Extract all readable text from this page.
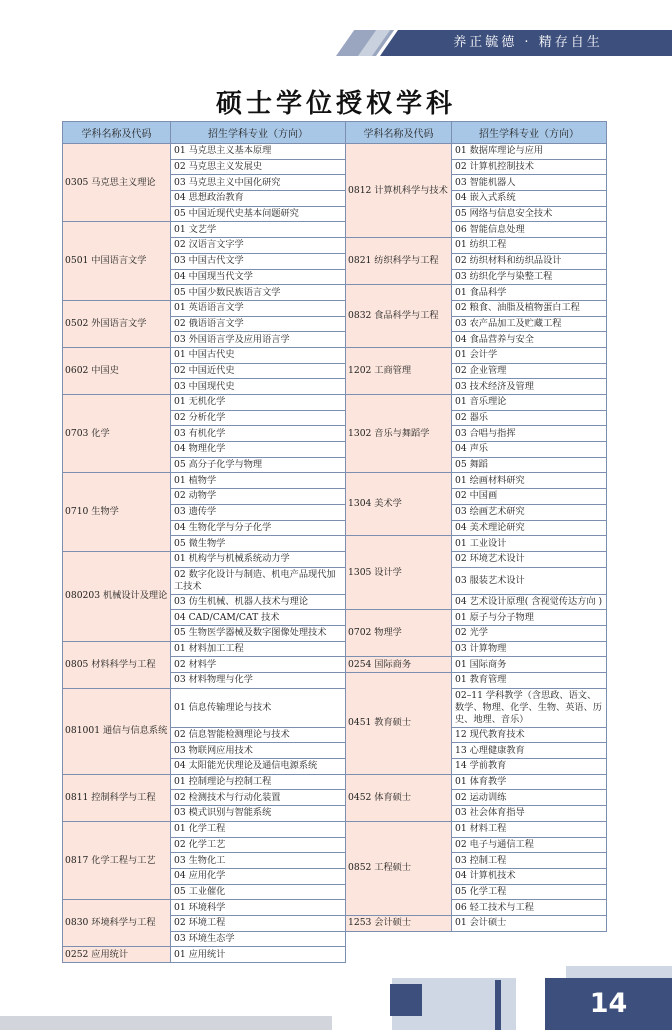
养正毓德 · 精存自生
硕士学位授权学科
学科名称及代码	招生学科专业（方向）	学科名称及代码	招生学科专业（方向）
0305 马克思主义理论	01 马克思主义基本原理	0812 计算机科学与技术	01 数据库理论与应用
	02 马克思主义发展史		02 计算机控制技术
	03 马克思主义中国化研究		03 智能机器人
	04 思想政治教育		04 嵌入式系统
	05 中国近现代史基本问题研究		05 网络与信息安全技术
0501 中国语言文学	01 文艺学		06 智能信息处理
	02 汉语言文字学	0821 纺织科学与工程	01 纺织工程
	03 中国古代文学		02 纺织材料和纺织品设计
	04 中国现当代文学		03 纺织化学与染整工程
	05 中国少数民族语言文学	0832 食品科学与工程	01 食品科学
0502 外国语言文学	01 英语语言文学		02 粮食、油脂及植物蛋白工程
	02 俄语语言文学		03 农产品加工及贮藏工程
	03 外国语言学及应用语言学		04 食品营养与安全
0602 中国史	01 中国古代史	1202 工商管理	01 会计学
	02 中国近代史		02 企业管理
	03 中国现代史		03 技术经济及管理
0703 化学	01 无机化学	1302 音乐与舞蹈学	01 音乐理论
	02 分析化学		02 器乐
	03 有机化学		03 合唱与指挥
	04 物理化学		04 声乐
	05 高分子化学与物理		05 舞蹈
0710 生物学	01 植物学	1304 美术学	01 绘画材料研究
	02 动物学		02 中国画
	03 遗传学		03 绘画艺术研究
	04 生物化学与分子化学		04 美术理论研究
	05 微生物学	1305 设计学	01 工业设计
080203 机械设计及理论	01 机构学与机械系统动力学		02 环境艺术设计
	02 数字化设计与制造、机电产品现代加工技术		03 服装艺术设计
	03 仿生机械、机器人技术与理论		04 艺术设计原理( 含视觉传达方向 )
	04 CAD/CAM/CAT 技术	0702 物理学	01 原子与分子物理
	05 生物医学器械及数字图像处理技术		02 光学
0805 材料科学与工程	01 材料加工工程		03 计算物理
	02 材料学	0254 国际商务	01 国际商务
	03 材料物理与化学	0451 教育硕士	01 教育管理
081001 通信与信息系统	01 信息传输理论与技术		02–11 学科教学（含思政、语文、数学、物理、化学、生物、英语、历史、地理、音乐）
	02 信息智能检测理论与技术		12 现代教育技术
	03 物联网应用技术		13 心理健康教育
	04 太阳能光伏理论及通信电源系统		14 学前教育
0811 控制科学与工程	01 控制理论与控制工程	0452 体育硕士	01 体育教学
	02 检测技术与行动化装置		02 运动训练
	03 模式识别与智能系统		03 社会体育指导
0817 化学工程与工艺	01 化学工程	0852 工程硕士	01 材料工程
	02 化学工艺		02 电子与通信工程
	03 生物化工		03 控制工程
	04 应用化学		04 计算机技术
	05 工业催化		05 化学工程
0830 环境科学与工程	01 环境科学		06 轻工技术与工程
	02 环境工程	1253 会计硕士	01 会计硕士
	03 环境生态学		
0252 应用统计	01 应用统计		
14
